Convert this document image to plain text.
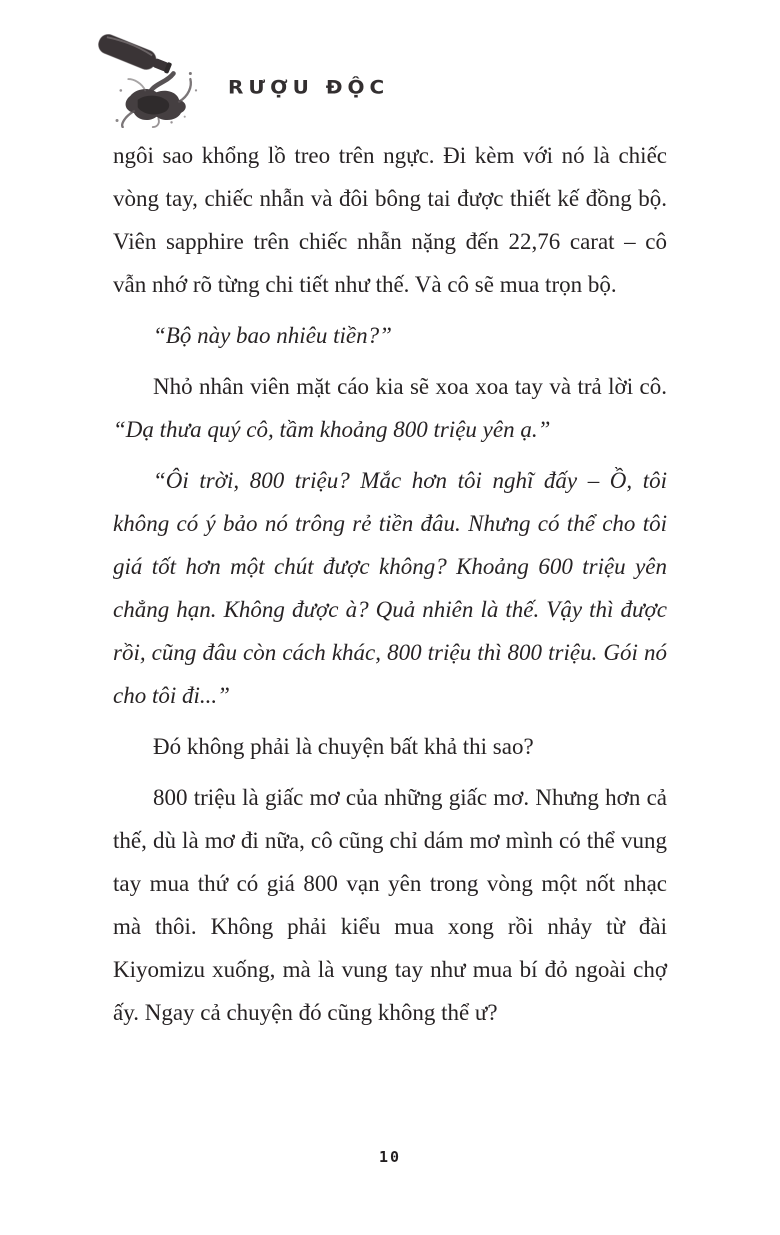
RƯỢU ĐỘC

ngôi sao khổng lồ treo trên ngực. Đi kèm với nó là chiếc vòng tay, chiếc nhẫn và đôi bông tai được thiết kế đồng bộ. Viên sapphire trên chiếc nhẫn nặng đến 22,76 carat – cô vẫn nhớ rõ từng chi tiết như thế. Và cô sẽ mua trọn bộ.

“Bộ này bao nhiêu tiền?”

Nhỏ nhân viên mặt cáo kia sẽ xoa xoa tay và trả lời cô. “Dạ thưa quý cô, tầm khoảng 800 triệu yên ạ.”

“Ôi trời, 800 triệu? Mắc hơn tôi nghĩ đấy – Ồ, tôi không có ý bảo nó trông rẻ tiền đâu. Nhưng có thể cho tôi giá tốt hơn một chút được không? Khoảng 600 triệu yên chẳng hạn. Không được à? Quả nhiên là thế. Vậy thì được rồi, cũng đâu còn cách khác, 800 triệu thì 800 triệu. Gói nó cho tôi đi...”

Đó không phải là chuyện bất khả thi sao?

800 triệu là giấc mơ của những giấc mơ. Nhưng hơn cả thế, dù là mơ đi nữa, cô cũng chỉ dám mơ mình có thể vung tay mua thứ có giá 800 vạn yên trong vòng một nốt nhạc mà thôi. Không phải kiểu mua xong rồi nhảy từ đài Kiyomizu xuống, mà là vung tay như mua bí đỏ ngoài chợ ấy. Ngay cả chuyện đó cũng không thể ư?

10
